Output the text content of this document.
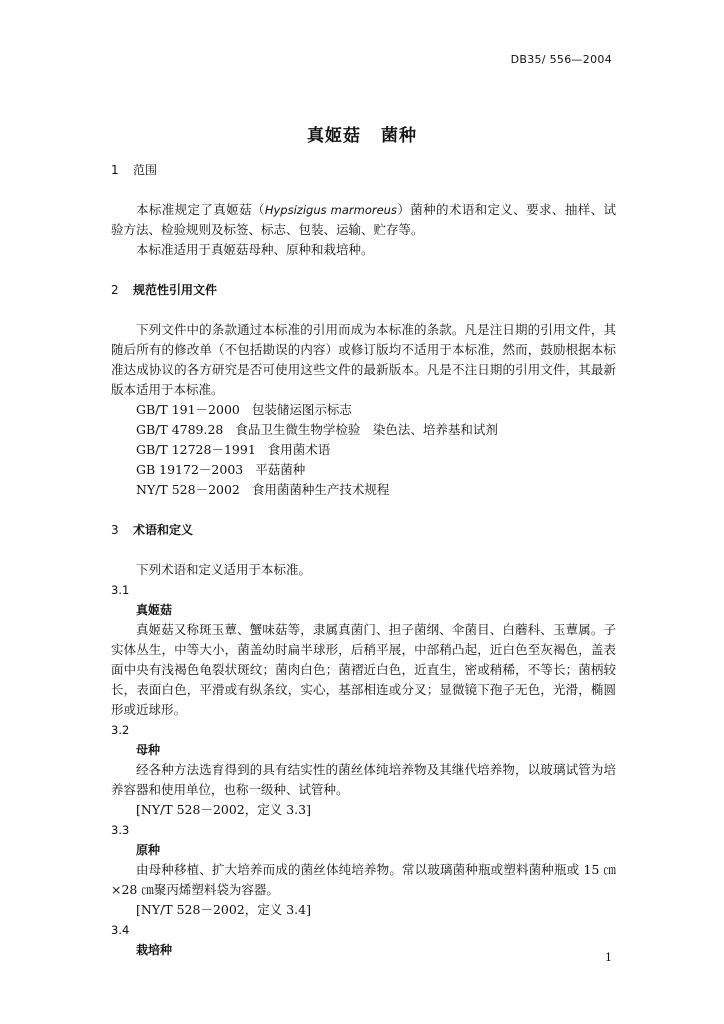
DB35/ 556—2004
真姬菇 菌种
1	范围

本标准规定了真姬菇（Hypsizigus marmoreus）菌种的术语和定义、要求、抽样、试验方法、检验规则及标签、标志、包装、运输、贮存等。

本标准适用于真姬菇母种、原种和栽培种。

2	规范性引用文件

下列文件中的条款通过本标准的引用而成为本标准的条款。凡是注日期的引用文件，其随后所有的修改单（不包括勘误的内容）或修订版均不适用于本标准，然而，鼓励根据本标准达成协议的各方研究是否可使用这些文件的最新版本。凡是不注日期的引用文件，其最新版本适用于本标准。

GB/T 191－2000 包装储运图示标志

GB/T 4789.28 食品卫生微生物学检验　染色法、培养基和试剂

GB/T 12728－1991 食用菌术语

GB 19172－2003 平菇菌种

NY/T 528－2002 食用菌菌种生产技术规程

3	术语和定义

下列术语和定义适用于本标准。

3.1
真姬菇

真姬菇又称斑玉蕈、蟹味菇等，隶属真菌门、担子菌纲、伞菌目、白蘑科、玉蕈属。子实体丛生，中等大小，菌盖幼时扁半球形，后稍平展，中部稍凸起，近白色至灰褐色，盖表面中央有浅褐色龟裂状斑纹；菌肉白色；菌褶近白色，近直生，密或稍稀，不等长；菌柄较长，表面白色，平滑或有纵条纹，实心，基部相连或分叉；显微镜下孢子无色，光滑，椭圆形或近球形。

3.2
母种

经各种方法选育得到的具有结实性的菌丝体纯培养物及其继代培养物，以玻璃试管为培养容器和使用单位，也称一级种、试管种。

[NY/T 528－2002，定义 3.3]

3.3
原种

由母种移植、扩大培养而成的菌丝体纯培养物。常以玻璃菌种瓶或塑料菌种瓶或 15 ㎝×28 ㎝聚丙烯塑料袋为容器。

[NY/T 528－2002，定义 3.4]

3.4
栽培种
1
